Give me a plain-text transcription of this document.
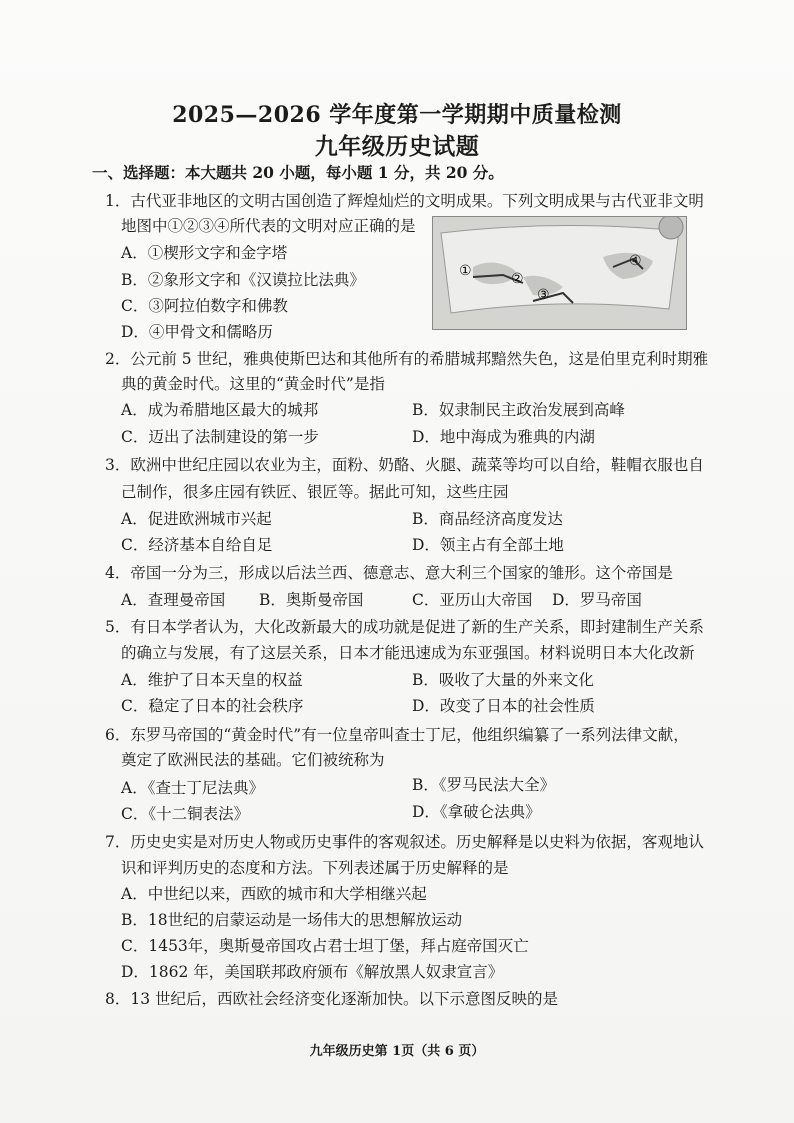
2025—2026 学年度第一学期期中质量检测
九年级历史试题
一、选择题：本大题共 20 小题，每小题 1 分，共 20 分。
1．古代亚非地区的文明古国创造了辉煌灿烂的文明成果。下列文明成果与古代亚非文明
地图中①②③④所代表的文明对应正确的是
A．①楔形文字和金字塔
B．②象形文字和《汉谟拉比法典》
C．③阿拉伯数字和佛教
D．④甲骨文和儒略历
①	②
③
④
2．公元前 5 世纪，雅典使斯巴达和其他所有的希腊城邦黯然失色，这是伯里克利时期雅
典的黄金时代。这里的“黄金时代”是指
A．成为希腊地区最大的城邦	B．奴隶制民主政治发展到高峰
C．迈出了法制建设的第一步	D．地中海成为雅典的内湖
3．欧洲中世纪庄园以农业为主，面粉、奶酪、火腿、蔬菜等均可以自给，鞋帽衣服也自
己制作，很多庄园有铁匠、银匠等。据此可知，这些庄园
A．促进欧洲城市兴起	B．商品经济高度发达
C．经济基本自给自足	D．领主占有全部土地
4．帝国一分为三，形成以后法兰西、德意志、意大利三个国家的雏形。这个帝国是
A．查理曼帝国 B．奥斯曼帝国	C．亚历山大帝国 D．罗马帝国
5．有日本学者认为，大化改新最大的成功就是促进了新的生产关系，即封建制生产关系
的确立与发展，有了这层关系，日本才能迅速成为东亚强国。材料说明日本大化改新
A．维护了日本天皇的权益	B．吸收了大量的外来文化
C．稳定了日本的社会秩序	D．改变了日本的社会性质
6．东罗马帝国的“黄金时代”有一位皇帝叫查士丁尼，他组织编纂了一系列法律文献，
奠定了欧洲民法的基础。它们被统称为
A．《查士丁尼法典》	B．《罗马民法大全》
C．《十二铜表法》	D．《拿破仑法典》
7．历史史实是对历史人物或历史事件的客观叙述。历史解释是以史料为依据，客观地认
识和评判历史的态度和方法。下列表述属于历史解释的是
A．中世纪以来，西欧的城市和大学相继兴起
B．18世纪的启蒙运动是一场伟大的思想解放运动
C．1453年，奥斯曼帝国攻占君士坦丁堡，拜占庭帝国灭亡
D．1862 年，美国联邦政府颁布《解放黑人奴隶宣言》
8．13 世纪后，西欧社会经济变化逐渐加快。以下示意图反映的是
九年级历史第 1页（共 6 页）
